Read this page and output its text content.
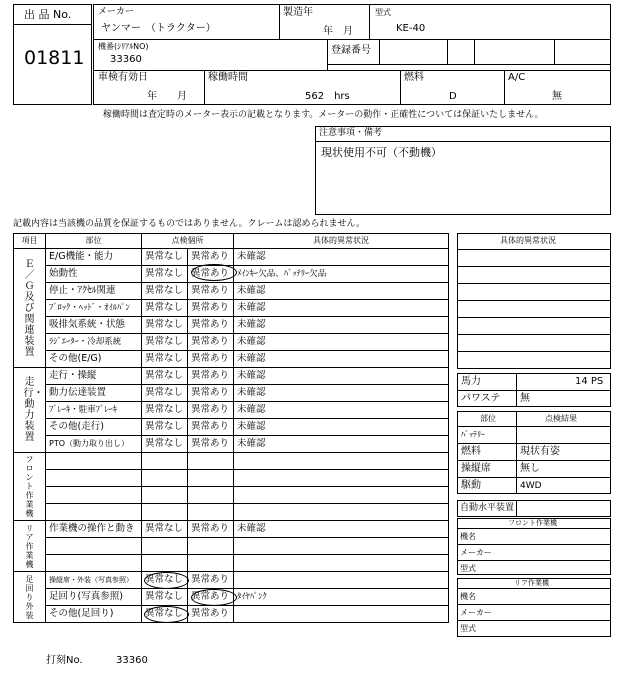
出 品 No.
01811
メーカー
ヤンマー　（トラクター）
製造年
年　月
型式
KE-40
機番(ｼﾘｱﾙNO)
33360
登録番号
車検有効日
年　　月
稼働時間
562　hrs
燃料
D
A/C
無
稼働時間は査定時のメーター表示の記載となります。メーターの動作・正確性については保証いたしません。
注意事項・備考
現状使用不可（不動機）
記載内容は当該機の品質を保証するものではありません。クレームは認められません。
項目	部位	点検個所		具体的異常状況

Ｅ／Ｇ及び関連装置	E/G機能・能力	異常なし	異常あり	未確認
	始動性	異常なし	異常あり	ﾒｲﾝｷｰ欠品、ﾊﾞｯﾃﾘｰ欠品
	停止・ｱｸｾﾙ関連	異常なし	異常あり	未確認
	ﾌﾞﾛｯｸ・ﾍｯﾄﾞ・ｵｲﾙﾊﾟﾝ	異常なし	異常あり	未確認
	吸排気系統・状態	異常なし	異常あり	未確認
	ﾗｼﾞｴｰﾀｰ・冷却系統	異常なし	異常あり	未確認
	その他(E/G)	異常なし	異常あり	未確認

走行・動力装置	走行・操縦	異常なし	異常あり	未確認
	動力伝達装置	異常なし	異常あり	未確認
	ﾌﾞﾚｰｷ・駐車ﾌﾞﾚｰｷ	異常なし	異常あり	未確認
	その他(走行)	異常なし	異常あり	未確認
	PTO（動力取り出し）	異常なし	異常あり	未確認

フロント作業機				

リア作業機	作業機の操作と動き	異常なし	異常あり	未確認

足回り外装	操縦席・外装（写真参照）	異常なし	異常あり	
	足回り(写真参照)	異常なし	異常あり	ﾀｲﾔﾊﾟﾝｸ
	その他(足回り)	異常なし	異常あり	
具体的異常状況
馬力	14 PS
パワステ 無
部位	点検結果
ﾊﾞｯﾃﾘｰ
燃料	現状有姿
操縦席	無し
駆動	4WD
自動水平装置
フロント作業機
機名
メーカー
型式
リア作業機
機名
メーカー
型式
打刻No.	33360
